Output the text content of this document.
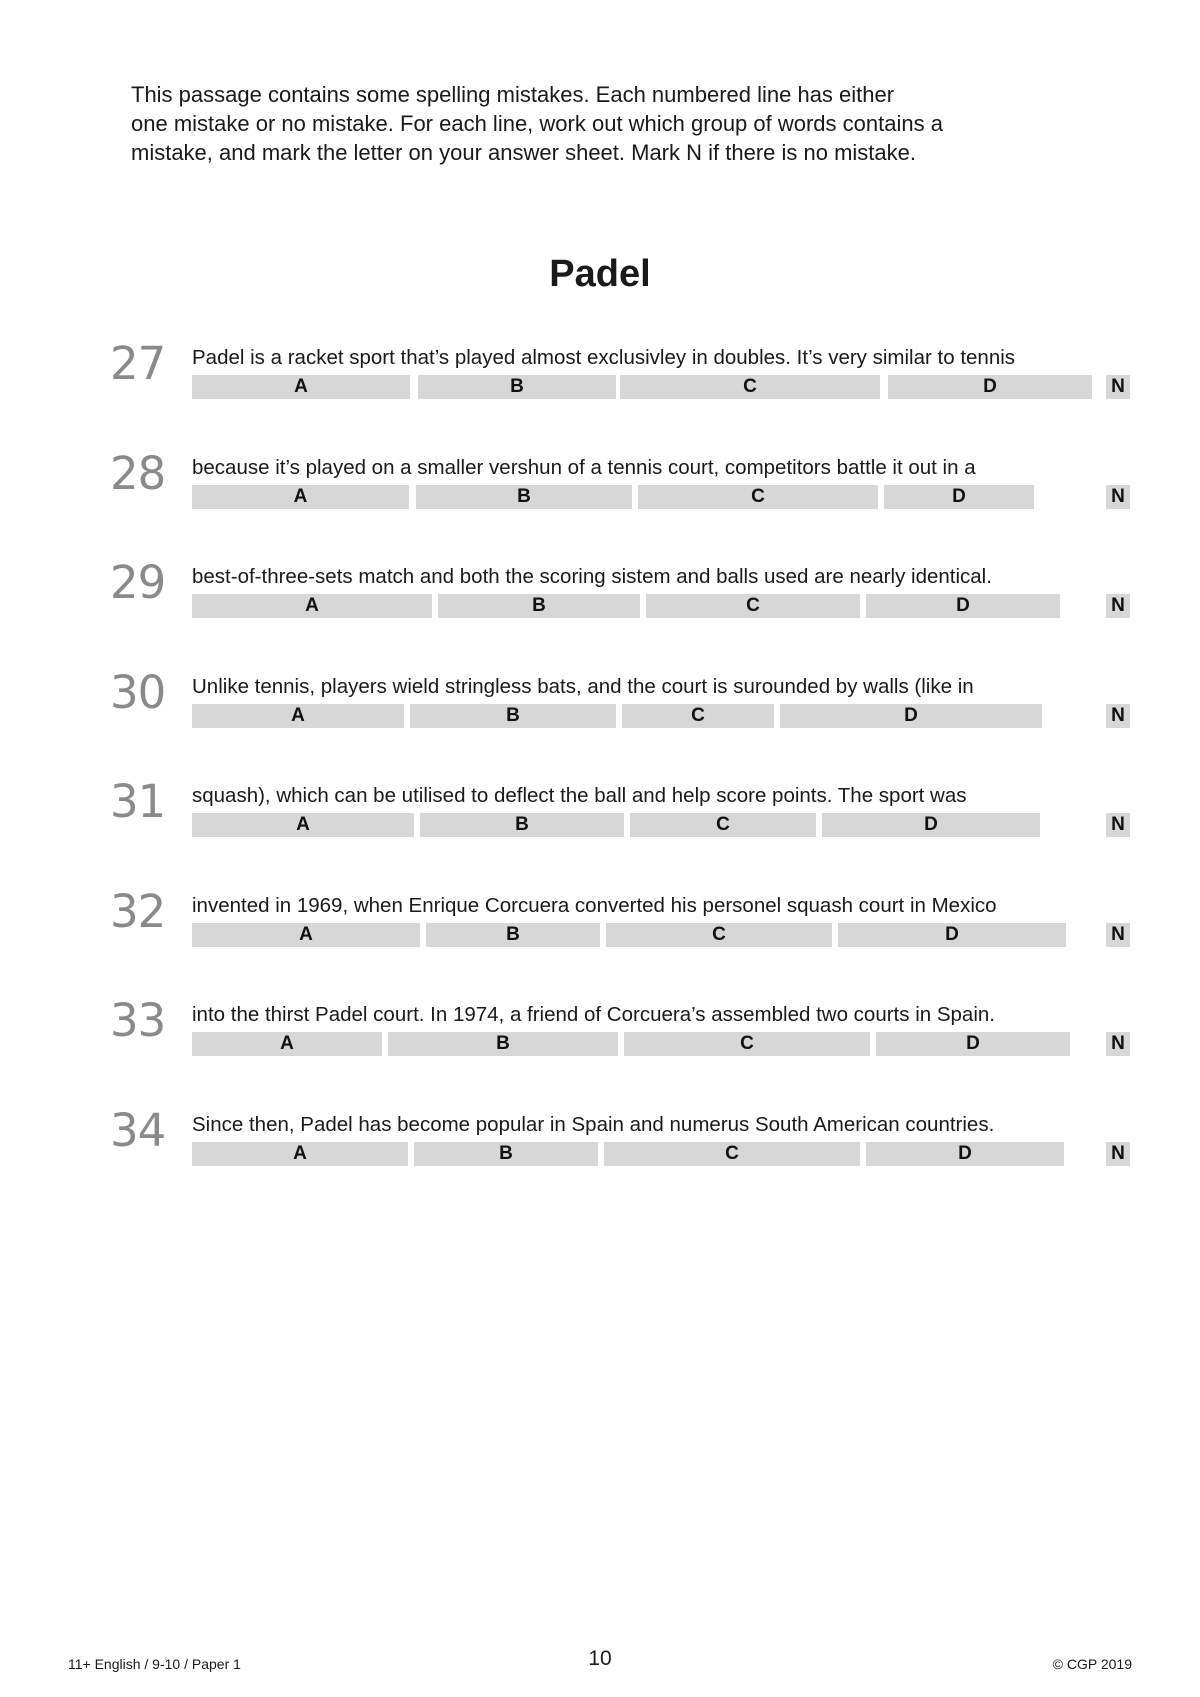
This passage contains some spelling mistakes. Each numbered line has either
one mistake or no mistake. For each line, work out which group of words contains a
mistake, and mark the letter on your answer sheet. Mark N if there is no mistake.
Padel
27 Padel is a racket sport that’s played almost exclusivley in doubles. It’s very similar to tennis
A	B	C	D	N
28 because it’s played on a smaller vershun of a tennis court, competitors battle it out in a
A	B	C	D	N
29 best-of-three-sets match and both the scoring sistem and balls used are nearly identical.
A	B	C	D	N
30 Unlike tennis, players wield stringless bats, and the court is surounded by walls (like in
A	B	C	D	N
31 squash), which can be utilised to deflect the ball and help score points. The sport was
A	B	C	D	N
32 invented in 1969, when Enrique Corcuera converted his personel squash court in Mexico
A	B	C	D	N
33 into the thirst Padel court. In 1974, a friend of Corcuera’s assembled two courts in Spain.
A	B	C	D	N
34 Since then, Padel has become popular in Spain and numerus South American countries.
A	B	C	D	N
11+ English / 9-10 / Paper 1	10	© CGP 2019
